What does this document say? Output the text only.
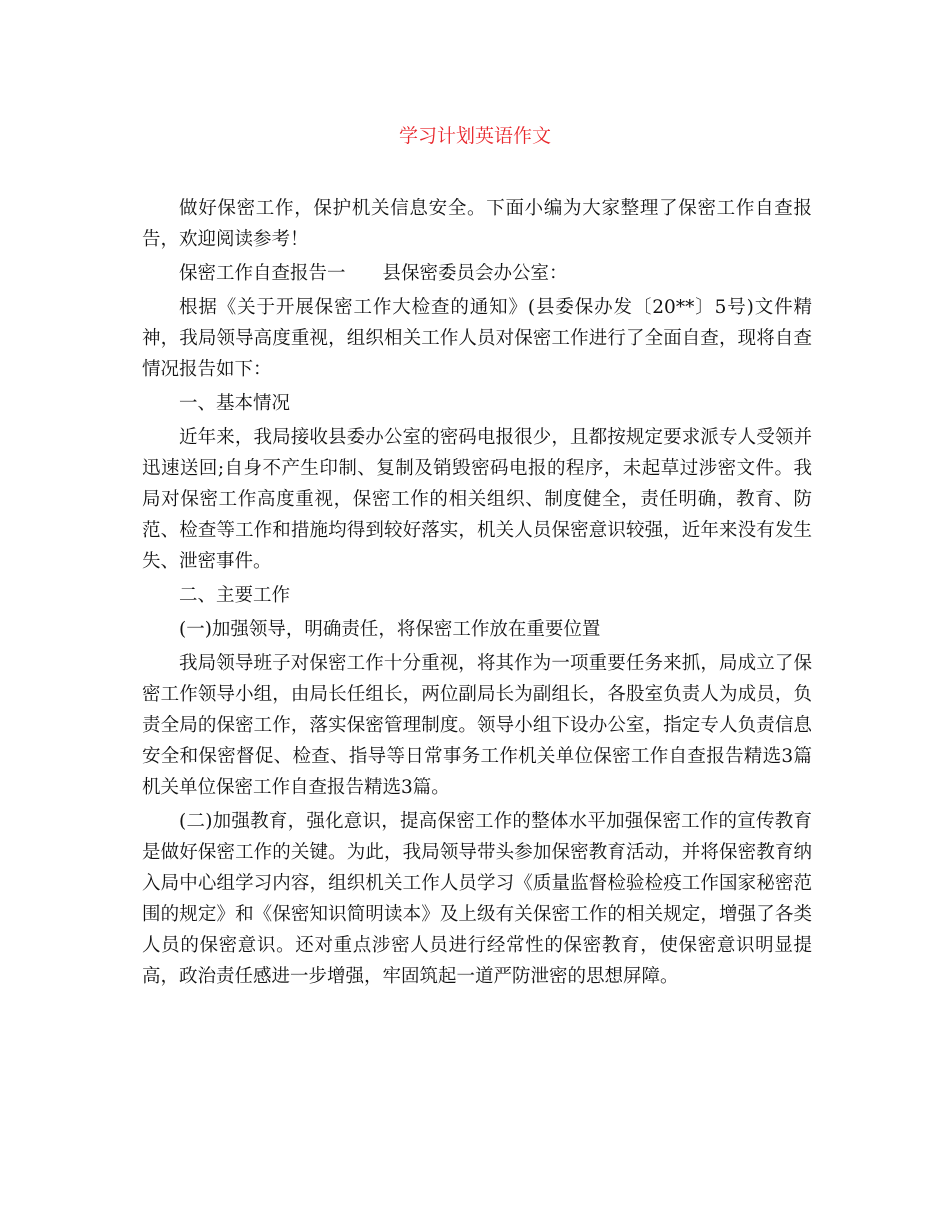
学习计划英语作文

做好保密工作，保护机关信息安全。下面小编为大家整理了保密工作自查报告，欢迎阅读参考！

保密工作自查报告一　　县保密委员会办公室：

根据《关于开展保密工作大检查的通知》(县委保办发〔20**〕5号)文件精神，我局领导高度重视，组织相关工作人员对保密工作进行了全面自查，现将自查情况报告如下：

一、基本情况

近年来，我局接收县委办公室的密码电报很少，且都按规定要求派专人受领并迅速送回;自身不产生印制、复制及销毁密码电报的程序，未起草过涉密文件。我局对保密工作高度重视，保密工作的相关组织、制度健全，责任明确，教育、防范、检查等工作和措施均得到较好落实，机关人员保密意识较强，近年来没有发生失、泄密事件。

二、主要工作

(一)加强领导，明确责任，将保密工作放在重要位置

我局领导班子对保密工作十分重视，将其作为一项重要任务来抓，局成立了保密工作领导小组，由局长任组长，两位副局长为副组长，各股室负责人为成员，负责全局的保密工作，落实保密管理制度。领导小组下设办公室，指定专人负责信息安全和保密督促、检查、指导等日常事务工作机关单位保密工作自查报告精选3篇机关单位保密工作自查报告精选3篇。

(二)加强教育，强化意识，提高保密工作的整体水平加强保密工作的宣传教育是做好保密工作的关键。为此，我局领导带头参加保密教育活动，并将保密教育纳入局中心组学习内容，组织机关工作人员学习《质量监督检验检疫工作国家秘密范围的规定》和《保密知识简明读本》及上级有关保密工作的相关规定，增强了各类人员的保密意识。还对重点涉密人员进行经常性的保密教育，使保密意识明显提高，政治责任感进一步增强，牢固筑起一道严防泄密的思想屏障。
